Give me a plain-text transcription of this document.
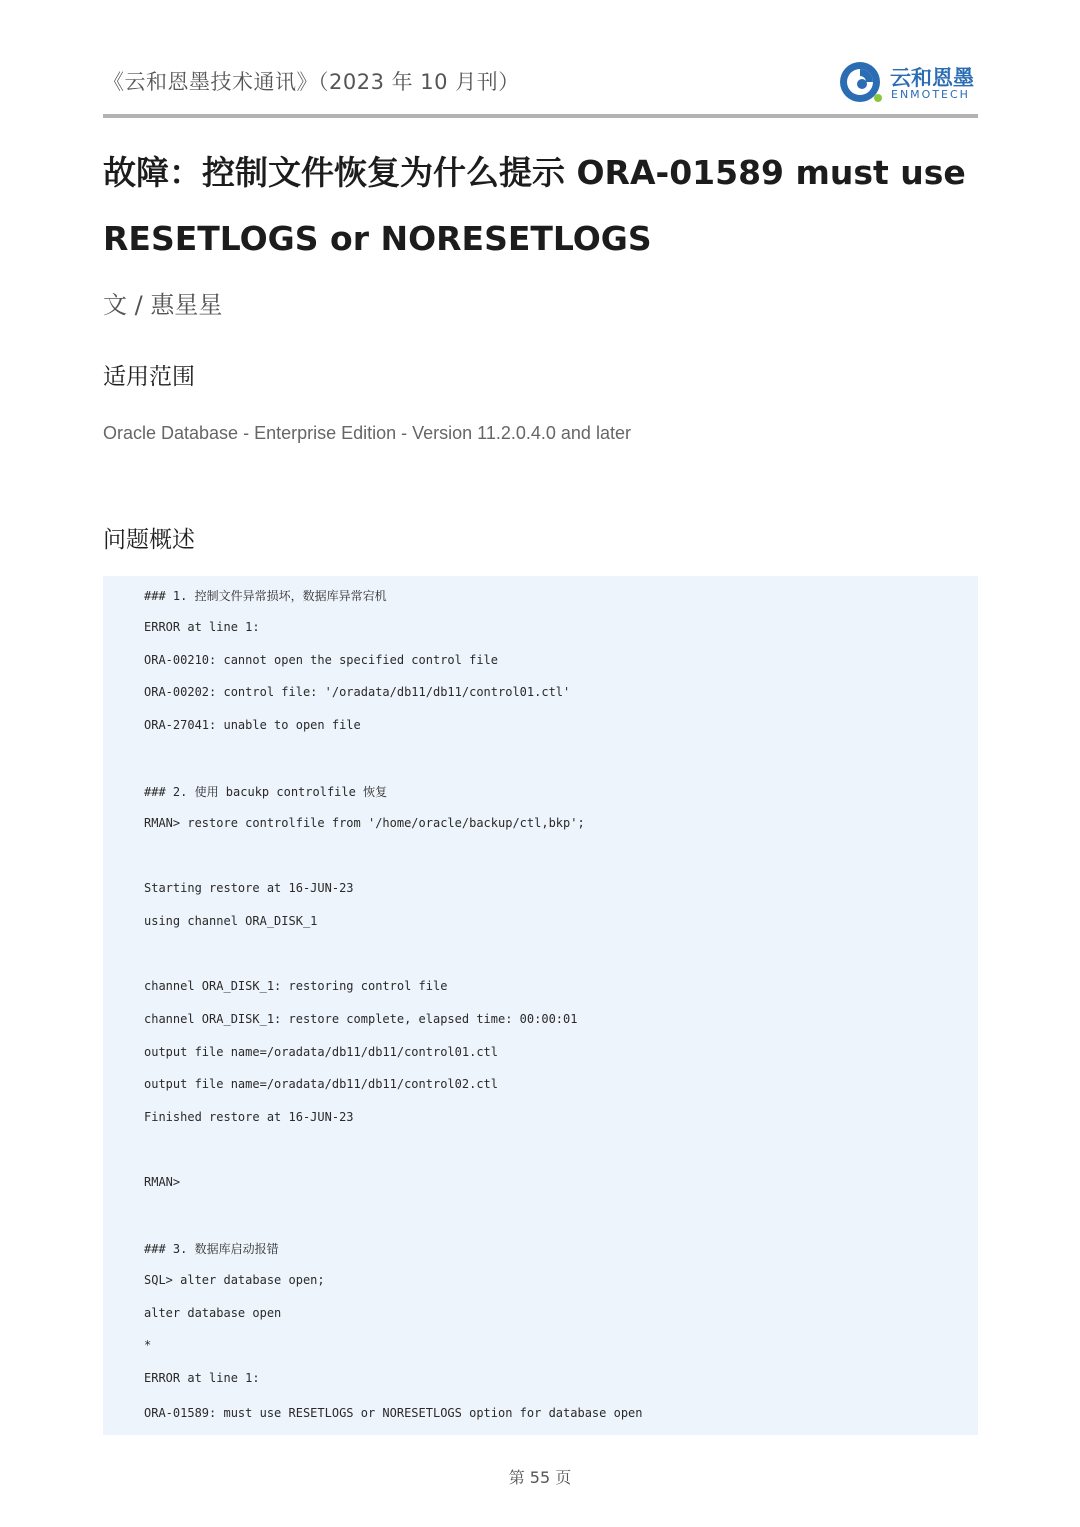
《云和恩墨技术通讯》（2023 年 10 月刊）	云和恩墨
ENMOTECH
故障：控制文件恢复为什么提示 ORA-01589 must use RESETLOGS or NORESETLOGS
文 / 惠星星
适用范围
Oracle Database - Enterprise Edition - Version 11.2.0.4.0 and later
问题概述
### 1. 控制文件异常损坏，数据库异常宕机
ERROR at line 1:
ORA-00210: cannot open the specified control file
ORA-00202: control file: '/oradata/db11/db11/control01.ctl'
ORA-27041: unable to open file
### 2. 使用 bacukp controlfile 恢复
RMAN> restore controlfile from '/home/oracle/backup/ctl,bkp';
Starting restore at 16-JUN-23
using channel ORA_DISK_1
channel ORA_DISK_1: restoring control file
channel ORA_DISK_1: restore complete, elapsed time: 00:00:01
output file name=/oradata/db11/db11/control01.ctl
output file name=/oradata/db11/db11/control02.ctl
Finished restore at 16-JUN-23
RMAN>
### 3. 数据库启动报错
SQL> alter database open;
alter database open
*
ERROR at line 1:
ORA-01589: must use RESETLOGS or NORESETLOGS option for database open
第 55 页
